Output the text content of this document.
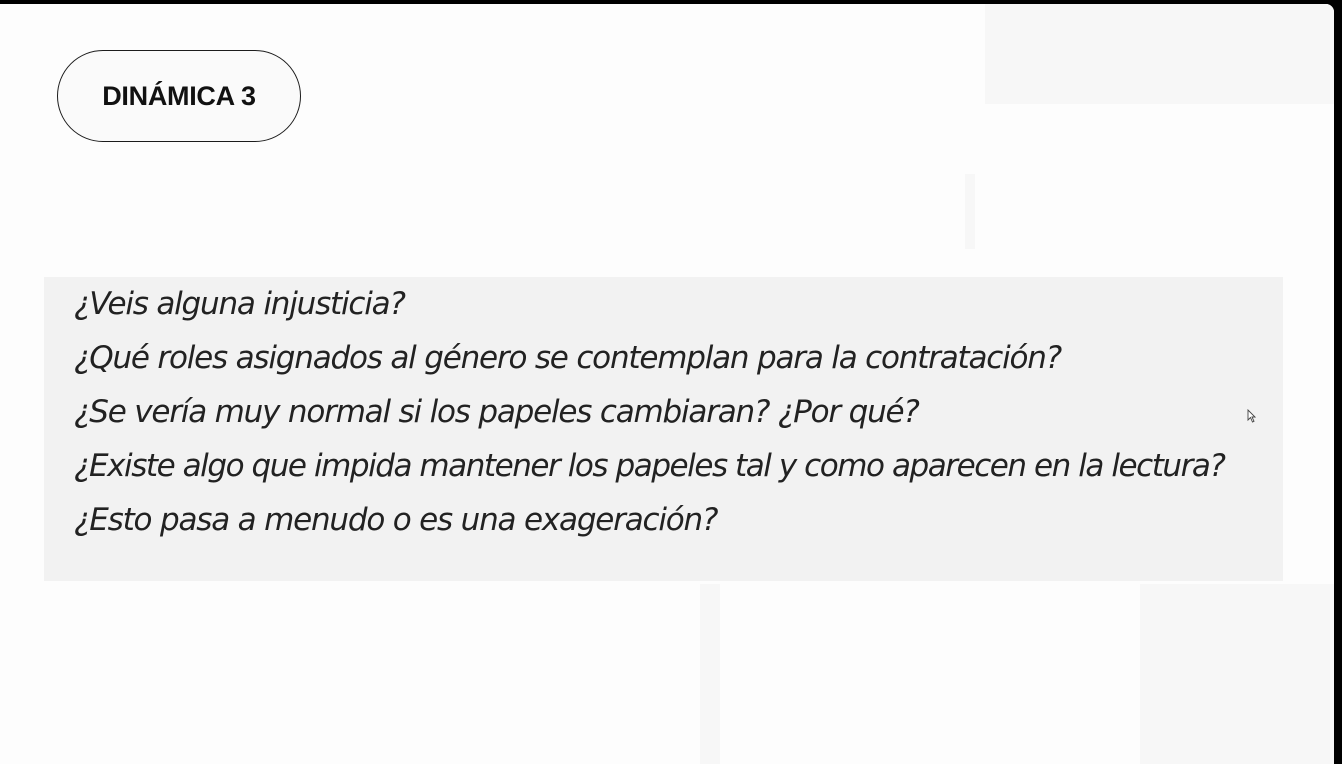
DINÁMICA 3
¿Veis alguna injusticia?
¿Qué roles asignados al género se contemplan para la contratación?
¿Se vería muy normal si los papeles cambiaran? ¿Por qué?
¿Existe algo que impida mantener los papeles tal y como aparecen en la lectura?
¿Esto pasa a menudo o es una exageración?
